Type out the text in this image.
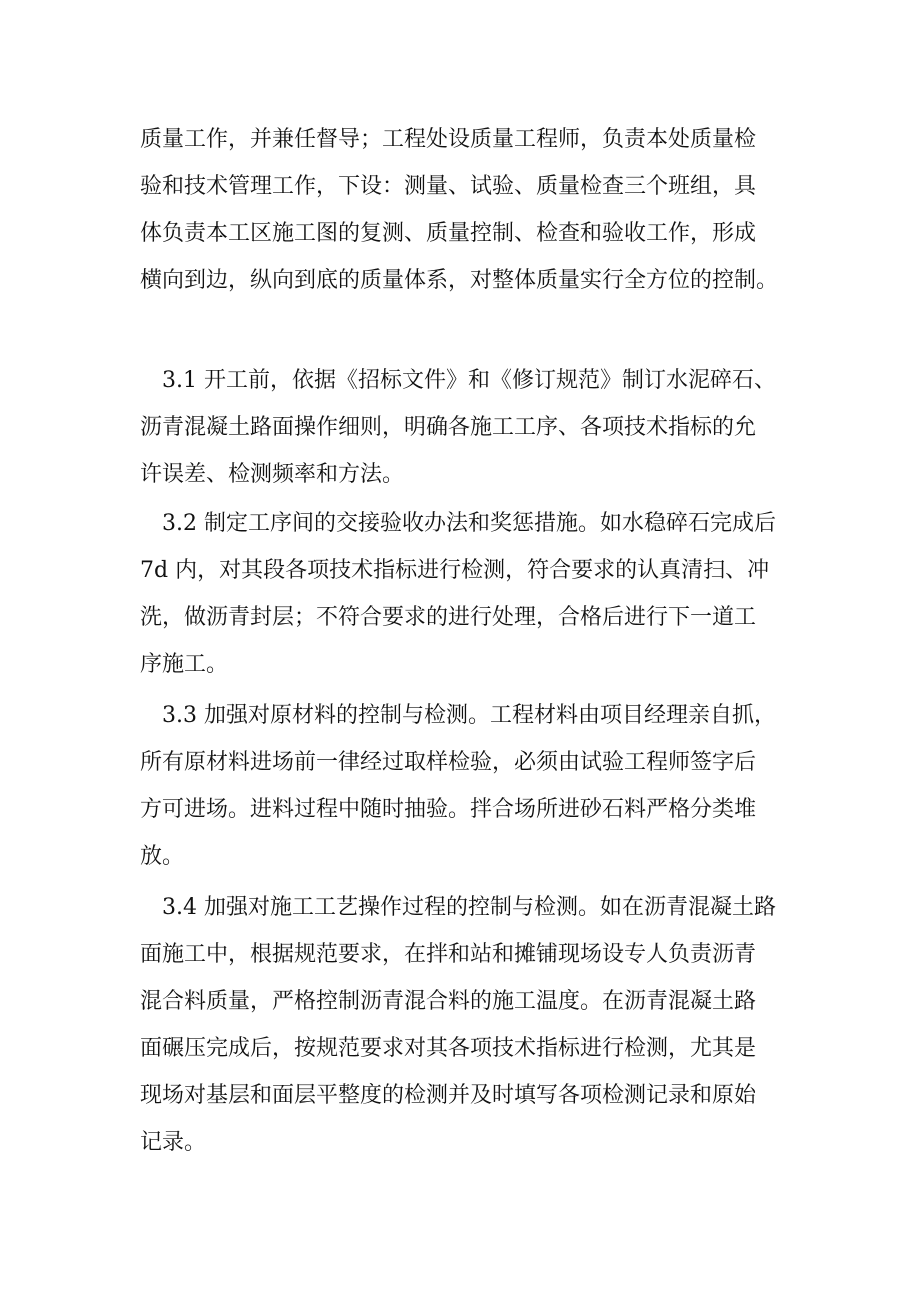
质量工作，并兼任督导；工程处设质量工程师，负责本处质量检
验和技术管理工作，下设：测量、试验、质量检查三个班组，具
体负责本工区施工图的复测、质量控制、检查和验收工作，形成
横向到边，纵向到底的质量体系，对整体质量实行全方位的控制。
3.1 开工前，依据《招标文件》和《修订规范》制订水泥碎石、
沥青混凝土路面操作细则，明确各施工工序、各项技术指标的允
许误差、检测频率和方法。
3.2 制定工序间的交接验收办法和奖惩措施。如水稳碎石完成后
7d 内，对其段各项技术指标进行检测，符合要求的认真清扫、冲
洗，做沥青封层；不符合要求的进行处理，合格后进行下一道工
序施工。
3.3 加强对原材料的控制与检测。工程材料由项目经理亲自抓，
所有原材料进场前一律经过取样检验，必须由试验工程师签字后
方可进场。进料过程中随时抽验。拌合场所进砂石料严格分类堆
放。
3.4 加强对施工工艺操作过程的控制与检测。如在沥青混凝土路
面施工中，根据规范要求，在拌和站和摊铺现场设专人负责沥青
混合料质量，严格控制沥青混合料的施工温度。在沥青混凝土路
面碾压完成后，按规范要求对其各项技术指标进行检测，尤其是
现场对基层和面层平整度的检测并及时填写各项检测记录和原始
记录。
